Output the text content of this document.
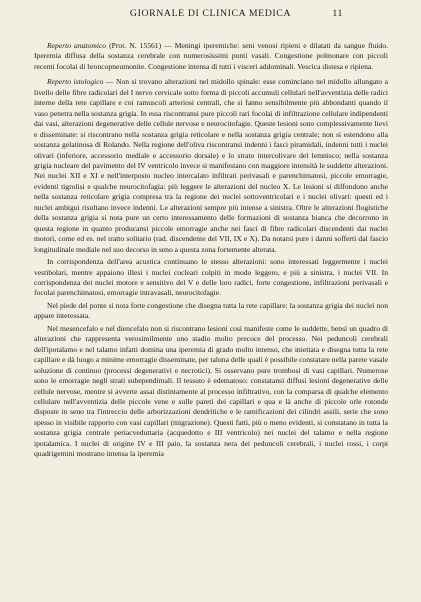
GIORNALE DI CLINICA MEDICA	11

Reperto anatomico (Prot. N. 15561) — Meningi iperemiche: seni venosi ripieni e dilatati da sangue fluido. Iperemia diffusa della sostanza cerebrale con numerosissimi punti vasali. Congestione polmonare con piccoli recenti focolai di broncopneumonite. Congestione intensa di tutti i visceri addominali. Vescica distesa e ripiena.

Reperto istologico — Non si trovano alterazioni nel midollo spinale: esse cominciano nel midollo allungato a livello delle fibre radicolari del I nervo cervicale sotto forma di piccoli accumuli cellulari nell'avventizia delle radici interne della rete capillare e coi ramuscoli arteriosi centrali, che si fanno sensibilmente più abbondanti quando il vaso penetra nella sostanza grigia. In essa riscontransi pure piccoli rari focolai di infiltrazione cellulare indipendenti dai vasi, alterazioni degenerative delle cellule nervose e neurocitofagie. Queste lesioni sono complessivamente lievi e disseminate: si riscontrano nella sostanza grigia reticolare e nella sostanza grigia centrale; non si estendono alla sostanza gelatinosa di Rolando. Nella regione dell'oliva riscontransi indenni i fasci piramidali, indenni tutti i nuclei olivari (inferiore, accessorio mediale e accessorio dorsale) e lo strato intercolivare del lemnisco; nella sostanza grigia nucleare del pavimento del IV ventricolo invece si manifestano con maggiore intensità le suddette alterazioni. Nei nuclei XII e XI e nell'interposto nucleo intercalato infiltrati perivasali e parenchimatosi, piccole emorragie, evidenti tigrolisi e qualche neurocitofagia: più leggere le alterazioni del nucleo X. Le lesioni si diffondono anche nella sostanza reticolare grigia compresa tra la regione dei nuclei sottoventricolari e i nuclei olivari: questi ed i nuclei ambigui risultano invece indenni. Le alterazioni sempre più intense a sinistra. Oltre le alterazioni flogistiche della sostanza grigia si nota pure un certo interessamento delle formazioni di sostanza bianca che decorrono in questa regione in quanto producansi piccole emorragie anche nei fasci di fibre radicolari discendenti dai nuclei motori, come ed es. nel tratto solitario (rad. discendente del VII, IX e X). Da notarsi pure i danni sofferti dal fascio longitudinale mediale nel suo decorso in seno a questa zona fortemente alterata.

In corrispondenza dell'area acustica continuano le stesso alterazioni: sono interessati leggermente i nuclei vestibolari, mentre appaiono illesi i nuclei cocleari colpiti in modo leggero, e più a sinistra, i nuclei VII. In corrispondenza dei nuclei motore e sensitivo del V e delle loro radici, forte congestione, infiltrazioni perivasali e focolai parenchimatosi, emorragie intravasali, neurocitofagie.

Nel piede del ponte si nota forte congestione che disegna tutta la rete capillare: la sostanza grigia dei nuclei non appare interessata.

Nel mesencefalo e nel diencefalo non si riscontrano lesioni così manifeste come le suddette, bensì un quadro di alterazioni che rappresenta verosimilmente uno stadio molto precoce del processo. Nei peduncoli cerebrali dell'ipotalamo e nel talamo infatti domina una iperemia di grado molto intenso, che iniettata e disegna tutta la rete capillare e dà luogo a minime emorragie disseminate, per taluna delle quali è possibile constatare nella parete vasale soluzione di continuo (processi degenerativi e necrotici). Si osservano pure trombosi di vasi capillari. Numerose sono le emorragie negli strati subependimali. Il tessuto è edematoso: constatansi diffusi lesioni degenerative delle cellule nervose, mentre si avverte assai distintamente al processo infiltrativo, con la comparsa di qualche elemento cellulare nell'avventizia delle piccole vene e sulle pareti dei capillari e qua e là anche di piccole orle rotonde disposte in seno tra l'intreccio delle arborizzazioni dendritiche e le ramificazioni dei cilindri assili, serie che sono spesso in visibile rapporto con vasi capillari (migrazione). Questi fatti, più o meno evidenti, si constatano in tutta la sostanza grigia centrale periacveduttaria (acquedotto e III ventricolo) nei nuclei del talamo e nella regione ipotalamica. I nuclei di origine IV e III paio, la sostanza nera dei peduncoli cerebrali, i nuclei rossi, i corpi quadrigemini mostrano intensa la iperemia
